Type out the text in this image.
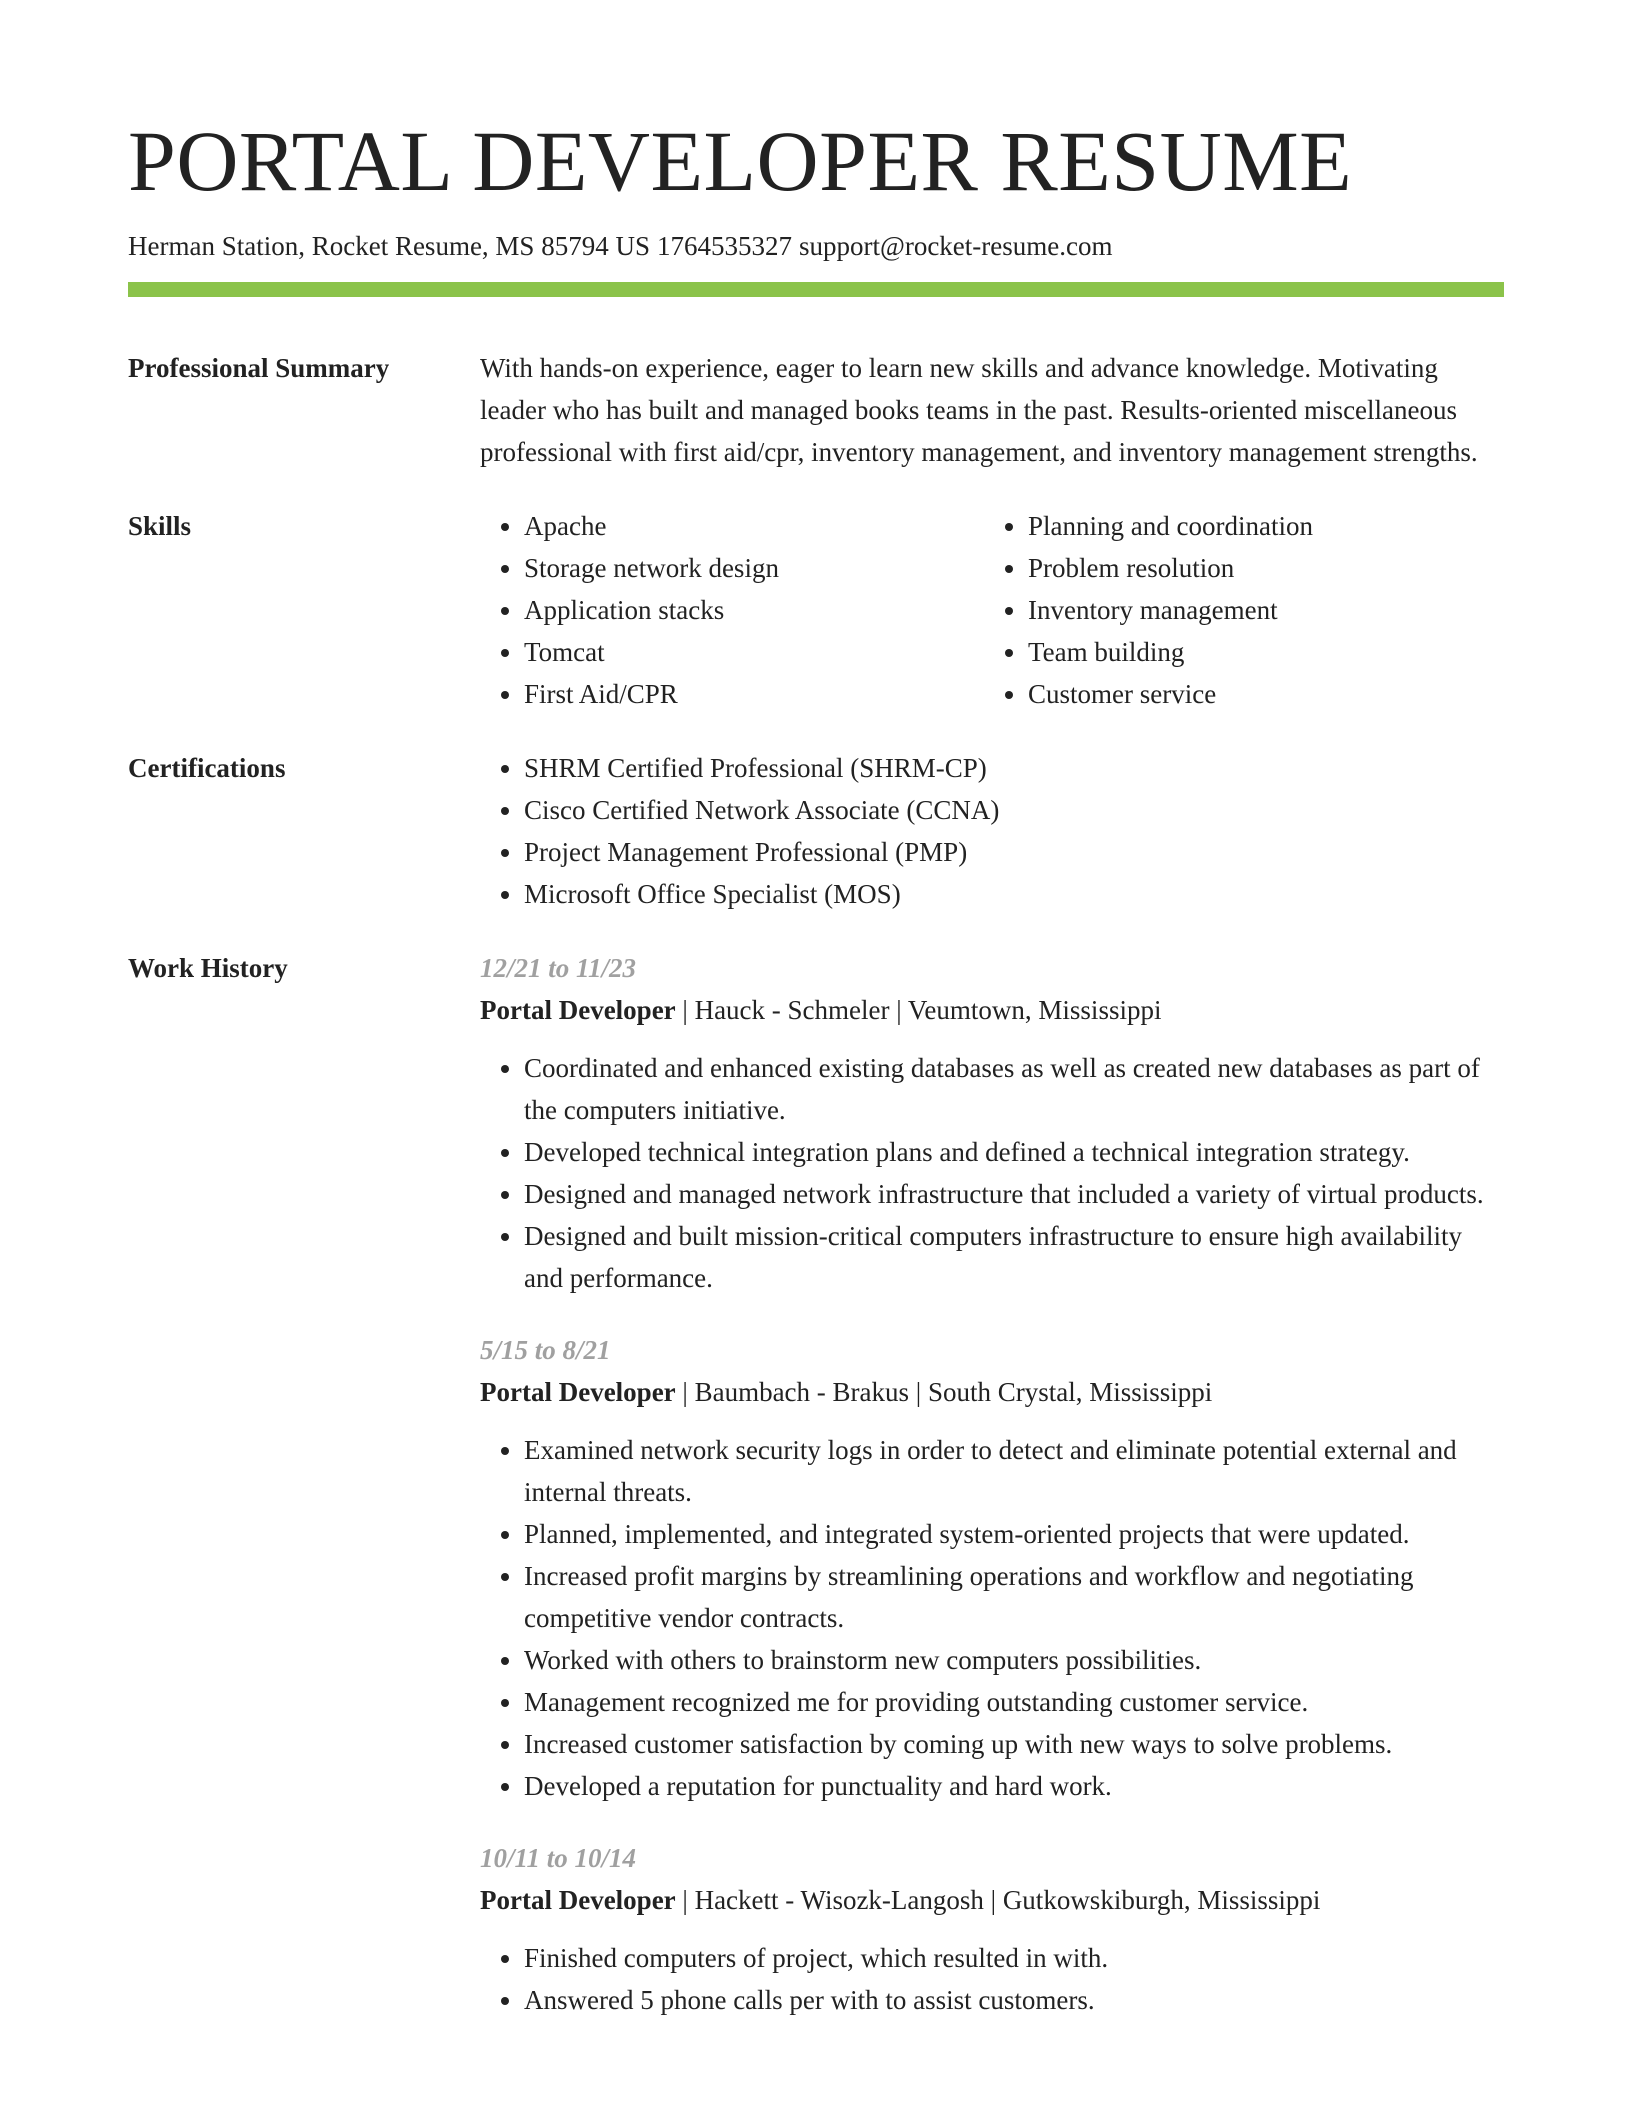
PORTAL DEVELOPER RESUME
Herman Station, Rocket Resume, MS 85794 US 1764535327 support@rocket-resume.com
Professional Summary	With hands-on experience, eager to learn new skills and advance knowledge. Motivating leader who has built and managed books teams in the past. Results-oriented miscellaneous professional with first aid/cpr, inventory management, and inventory management strengths.

Skills	• Apache
• Storage network design
• Application stacks
• Tomcat
• First Aid/CPR
• Planning and coordination
• Problem resolution
• Inventory management
• Team building
• Customer service
Certifications	• SHRM Certified Professional (SHRM-CP)
• Cisco Certified Network Associate (CCNA)
• Project Management Professional (PMP)
• Microsoft Office Specialist (MOS)
Work History	12/21 to 11/23
Portal Developer | Hauck - Schmeler | Veumtown, Mississippi
• Coordinated and enhanced existing databases as well as created new databases as part of the computers initiative.
• Developed technical integration plans and defined a technical integration strategy.
• Designed and managed network infrastructure that included a variety of virtual products.
• Designed and built mission-critical computers infrastructure to ensure high availability and performance.
5/15 to 8/21
Portal Developer | Baumbach - Brakus | South Crystal, Mississippi
• Examined network security logs in order to detect and eliminate potential external and internal threats.
• Planned, implemented, and integrated system-oriented projects that were updated.
• Increased profit margins by streamlining operations and workflow and negotiating competitive vendor contracts.
• Worked with others to brainstorm new computers possibilities.
• Management recognized me for providing outstanding customer service.
• Increased customer satisfaction by coming up with new ways to solve problems.
• Developed a reputation for punctuality and hard work.
10/11 to 10/14
Portal Developer | Hackett - Wisozk-Langosh | Gutkowskiburgh, Mississippi
• Finished computers of project, which resulted in with.
• Answered 5 phone calls per with to assist customers.
